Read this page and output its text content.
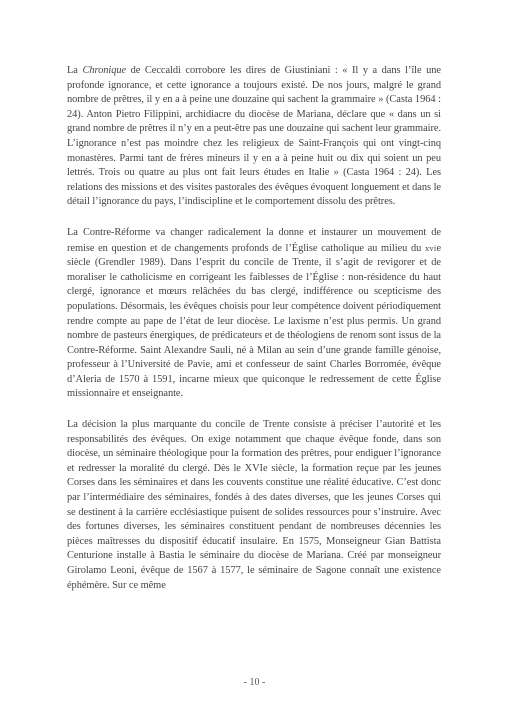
La Chronique de Ceccaldi corrobore les dires de Giustiniani : « Il y a dans l’île une profonde ignorance, et cette ignorance a toujours existé. De nos jours, malgré le grand nombre de prêtres, il y en a à peine une douzaine qui sachent la grammaire » (Casta 1964 : 24). Anton Pietro Filippini, archidiacre du diocèse de Mariana, déclare que « dans un si grand nombre de prêtres il n’y en a peut-être pas une douzaine qui sachent leur grammaire. L’ignorance n’est pas moindre chez les religieux de Saint-François qui ont vingt-cinq monastères. Parmi tant de frères mineurs il y en a à peine huit ou dix qui soient un peu lettrés. Trois ou quatre au plus ont fait leurs études en Italie » (Casta 1964 : 24). Les relations des missions et des visites pastorales des évêques évoquent longuement et dans le détail l’ignorance du pays, l’indiscipline et le comportement dissolu des prêtres.

La Contre-Réforme va changer radicalement la donne et instaurer un mouvement de remise en question et de changements profonds de l’Église catholique au milieu du xvie siècle (Grendler 1989). Dans l’esprit du concile de Trente, il s’agit de revigorer et de moraliser le catholicisme en corrigeant les faiblesses de l’Église : non-résidence du haut clergé, ignorance et mœurs relâchées du bas clergé, indifférence ou scepticisme des populations. Désormais, les évêques choisis pour leur compétence doivent périodiquement rendre compte au pape de l’état de leur diocèse. Le laxisme n’est plus permis. Un grand nombre de pasteurs énergiques, de prédicateurs et de théologiens de renom sont issus de la Contre-Réforme. Saint Alexandre Sauli, né à Milan au sein d’une grande famille génoise, professeur à l’Université de Pavie, ami et confesseur de saint Charles Borromée, évêque d’Aleria de 1570 à 1591, incarne mieux que quiconque le redressement de cette Église missionnaire et enseignante.

La décision la plus marquante du concile de Trente consiste à préciser l’autorité et les responsabilités des évêques. On exige notamment que chaque évêque fonde, dans son diocèse, un séminaire théologique pour la formation des prêtres, pour endiguer l’ignorance et redresser la moralité du clergé. Dès le XVIe siècle, la formation reçue par les jeunes Corses dans les séminaires et dans les couvents constitue une réalité éducative. C’est donc par l’intermédiaire des séminaires, fondés à des dates diverses, que les jeunes Corses qui se destinent à la carrière ecclésiastique puisent de solides ressources pour s’instruire. Avec des fortunes diverses, les séminaires constituent pendant de nombreuses décennies les pièces maîtresses du dispositif éducatif insulaire. En 1575, Monseigneur Gian Battista Centurione installe à Bastia le séminaire du diocèse de Mariana. Créé par monseigneur Girolamo Leoni, évêque de 1567 à 1577, le séminaire de Sagone connaît une existence éphémère. Sur ce même

- 10 -
